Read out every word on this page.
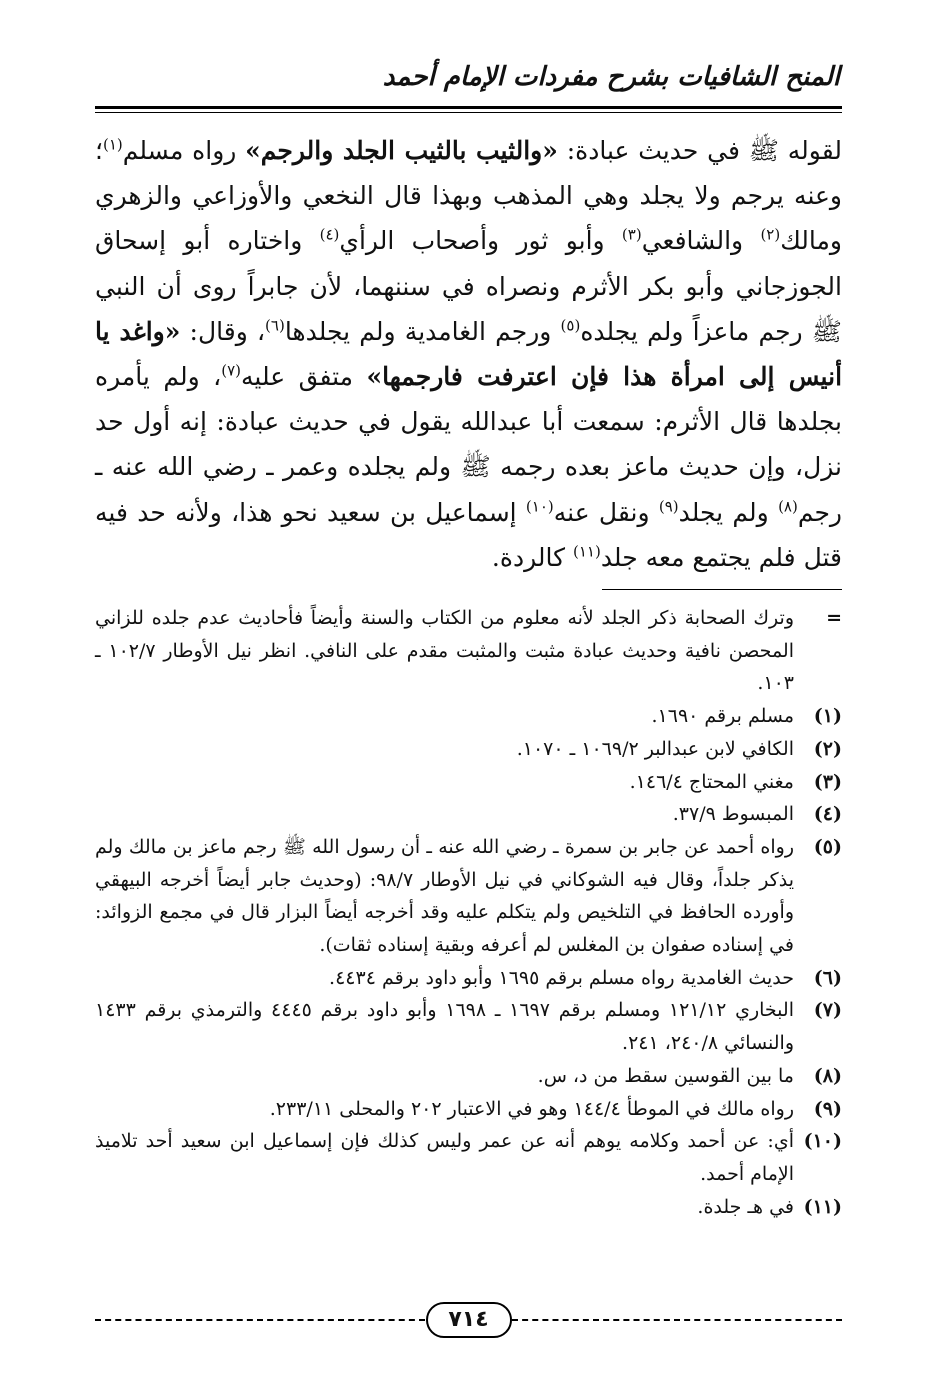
المنح الشافيات بشرح مفردات الإمام أحمد

لقوله ﷺ في حديث عبادة: «والثيب بالثيب الجلد والرجم» رواه مسلم$^{(١)}$؛ وعنه يرجم ولا يجلد وهي المذهب وبهذا قال النخعي والأوزاعي والزهري ومالك$^{(٢)}$ والشافعي$^{(٣)}$ وأبو ثور وأصحاب الرأي$^{(٤)}$ واختاره أبو إسحاق الجوزجاني وأبو بكر الأثرم ونصراه في سننهما، لأن جابراً روى أن النبي ﷺ رجم ماعزاً ولم يجلده$^{(٥)}$ ورجم الغامدية ولم يجلدها$^{(٦)}$، وقال: «واغد يا أنيس إلى امرأة هذا فإن اعترفت فارجمها» متفق عليه$^{(٧)}$، ولم يأمره بجلدها قال الأثرم: سمعت أبا عبدالله يقول في حديث عبادة: إنه أول حد نزل، وإن حديث ماعز بعده رجمه ﷺ ولم يجلده وعمر ـ رضي الله عنه ـ رجم$^{(٨)}$ ولم يجلد$^{(٩)}$ ونقل عنه$^{(١٠)}$ إسماعيل بن سعيد نحو هذا، ولأنه حد فيه قتل فلم يجتمع معه جلد$^{(١١)}$ كالردة.

=
وترك الصحابة ذكر الجلد لأنه معلوم من الكتاب والسنة وأيضاً فأحاديث عدم جلده للزاني المحصن نافية وحديث عبادة مثبت والمثبت مقدم على النافي. انظر نيل الأوطار ١٠٢/٧ ـ ١٠٣.
(١)
مسلم برقم ١٦٩٠.
(٢)
الكافي لابن عبدالبر ١٠٦٩/٢ ـ ١٠٧٠.
(٣)
مغني المحتاج ١٤٦/٤.
(٤)
المبسوط ٣٧/٩.
(٥)
رواه أحمد عن جابر بن سمرة ـ رضي الله عنه ـ أن رسول الله ﷺ رجم ماعز بن مالك ولم يذكر جلداً، وقال فيه الشوكاني في نيل الأوطار ٩٨/٧: (وحديث جابر أيضاً أخرجه البيهقي وأورده الحافظ في التلخيص ولم يتكلم عليه وقد أخرجه أيضاً البزار قال في مجمع الزوائد: في إسناده صفوان بن المغلس لم أعرفه وبقية إسناده ثقات).
(٦)
حديث الغامدية رواه مسلم برقم ١٦٩٥ وأبو داود برقم ٤٤٣٤.
(٧)
البخاري ١٢١/١٢ ومسلم برقم ١٦٩٧ ـ ١٦٩٨ وأبو داود برقم ٤٤٤٥ والترمذي برقم ١٤٣٣ والنسائي ٢٤٠/٨، ٢٤١.
(٨)
ما بين القوسين سقط من د، س.
(٩)
رواه مالك في الموطأ ١٤٤/٤ وهو في الاعتبار ٢٠٢ والمحلى ٢٣٣/١١.
(١٠)
أي: عن أحمد وكلامه يوهم أنه عن عمر وليس كذلك فإن إسماعيل ابن سعيد أحد تلاميذ الإمام أحمد.
(١١)
في هـ جلدة.
٧١٤
